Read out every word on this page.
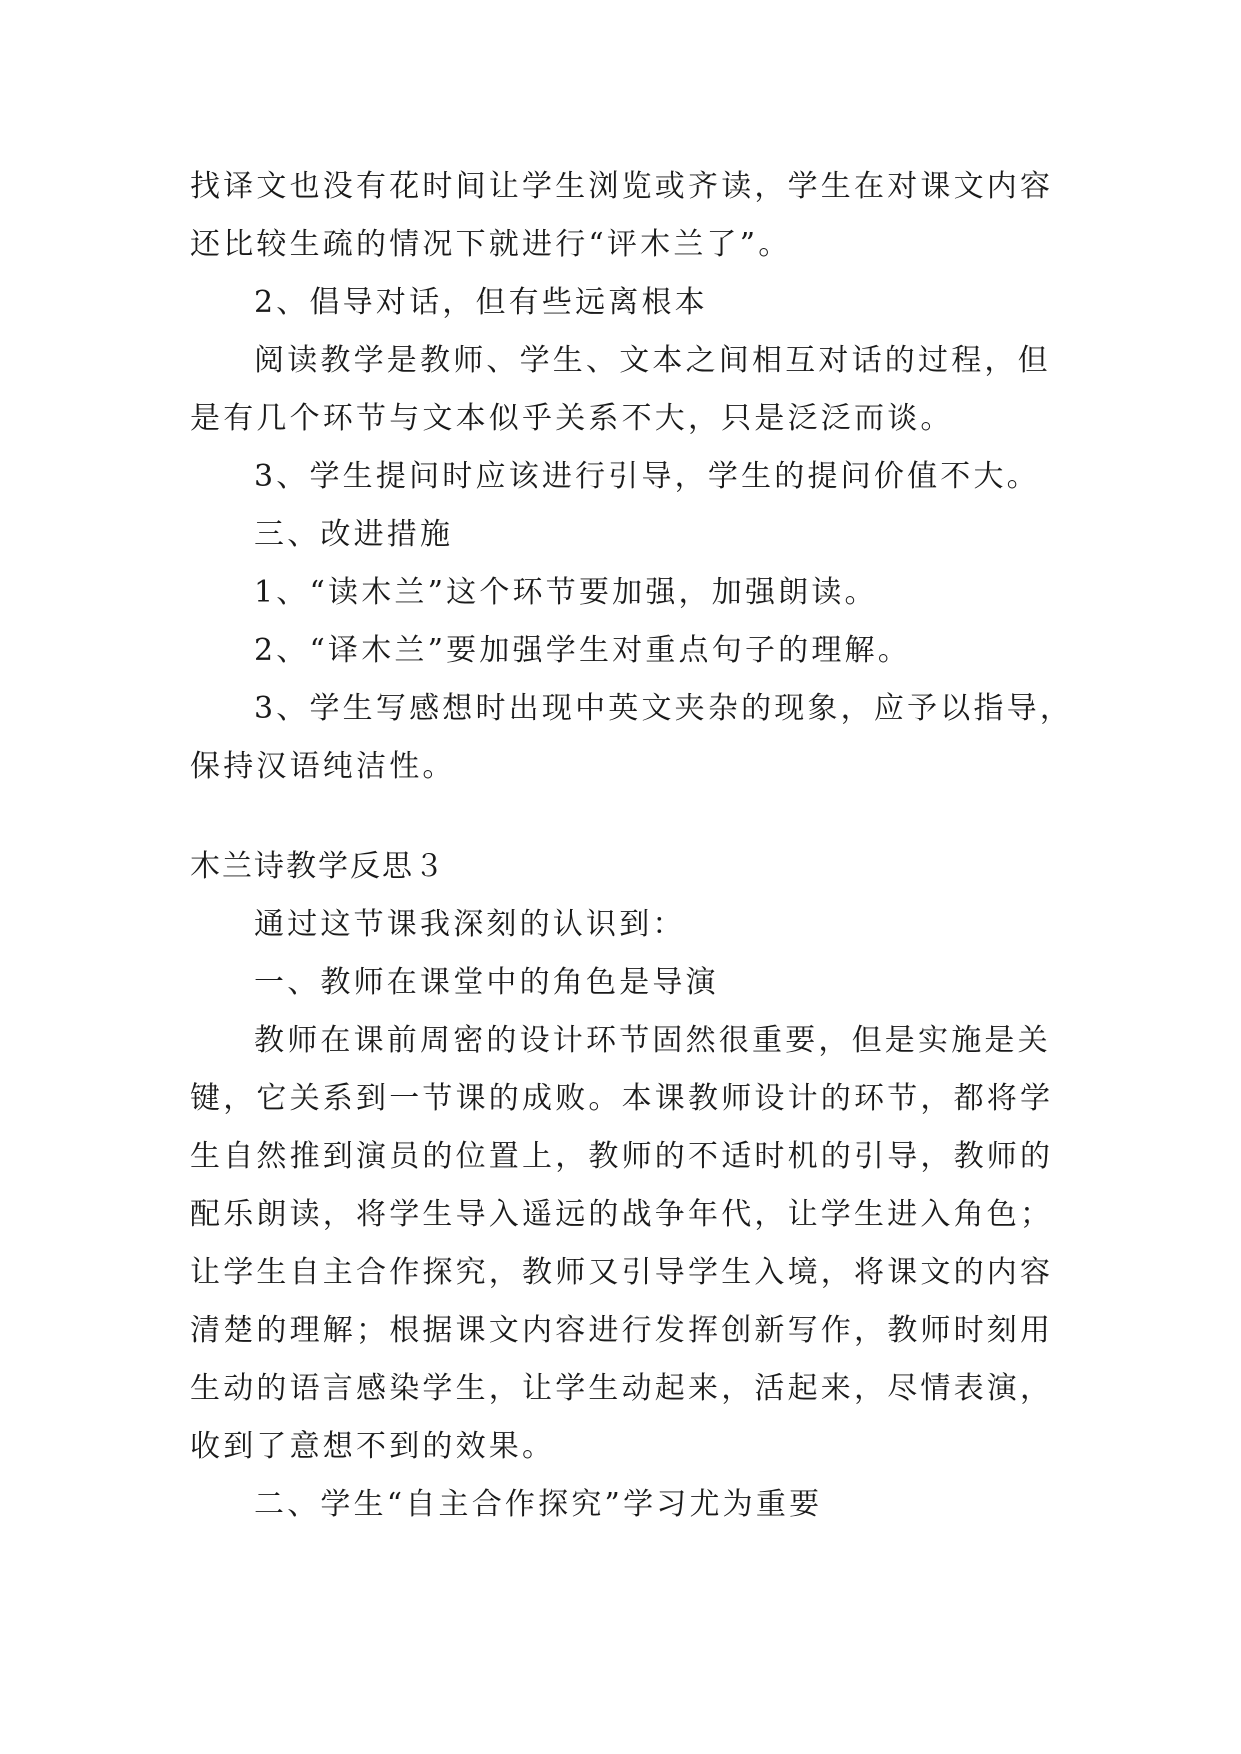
找译文也没有花时间让学生浏览或齐读，学生在对课文内容
还比较生疏的情况下就进行“评木兰了”。
2、倡导对话，但有些远离根本
阅读教学是教师、学生、文本之间相互对话的过程，但
是有几个环节与文本似乎关系不大，只是泛泛而谈。
3、学生提问时应该进行引导，学生的提问价值不大。
三、改进措施
1、“读木兰”这个环节要加强，加强朗读。
2、“译木兰”要加强学生对重点句子的理解。
3、学生写感想时出现中英文夹杂的现象，应予以指导，
保持汉语纯洁性。
木兰诗教学反思３
通过这节课我深刻的认识到：
一、教师在课堂中的角色是导演
教师在课前周密的设计环节固然很重要，但是实施是关
键，它关系到一节课的成败。本课教师设计的环节，都将学
生自然推到演员的位置上，教师的不适时机的引导，教师的
配乐朗读，将学生导入遥远的战争年代，让学生进入角色；
让学生自主合作探究，教师又引导学生入境，将课文的内容
清楚的理解；根据课文内容进行发挥创新写作，教师时刻用
生动的语言感染学生，让学生动起来，活起来，尽情表演，
收到了意想不到的效果。
二、学生“自主合作探究”学习尤为重要
